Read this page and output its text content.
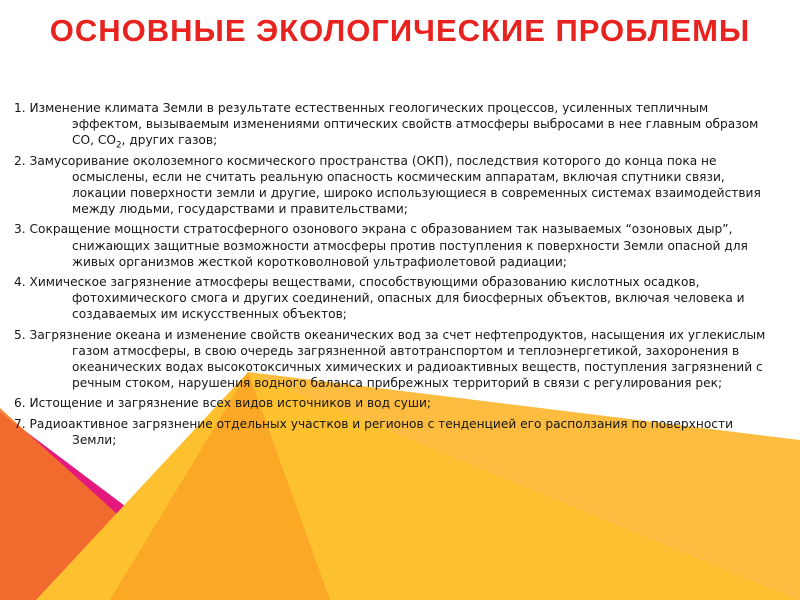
ОСНОВНЫЕ ЭКОЛОГИЧЕСКИЕ ПРОБЛЕМЫ
1. Изменение климата Земли в результате естественных геологических процессов, усиленных тепличным эффектом, вызываемым изменениями оптических свойств атмосферы выбросами в нее главным образом СО, $СО_2$, других газов;
2. Замусоривание околоземного космического пространства (ОКП), последствия которого до конца пока не осмыслены, если не считать реальную опасность космическим аппаратам, включая спутники связи, локации поверхности земли и другие, широко использующиеся в современных системах взаимодействия между людьми, государствами и правительствами;
3. Сокращение мощности стратосферного озонового экрана с образованием так называемых “озоновых дыр”, снижающих защитные возможности атмосферы против поступления к поверхности Земли опасной для живых организмов жесткой коротковолновой ультрафиолетовой радиации;
4. Химическое загрязнение атмосферы веществами, способствующими образованию кислотных осадков, фотохимического смога и других соединений, опасных для биосферных объектов, включая человека и создаваемых им искусственных объектов;
5. Загрязнение океана и изменение свойств океанических вод за счет нефтепродуктов, насыщения их углекислым газом атмосферы, в свою очередь загрязненной автотранспортом и теплоэнергетикой, захоронения в океанических водах высокотоксичных химических и радиоактивных веществ, поступления загрязнений с речным стоком, нарушения водного баланса прибрежных территорий в связи с регулирования рек;
6. Истощение и загрязнение всех видов источников и вод суши;
7. Радиоактивное загрязнение отдельных участков и регионов с тенденцией его расползания по поверхности Земли;
